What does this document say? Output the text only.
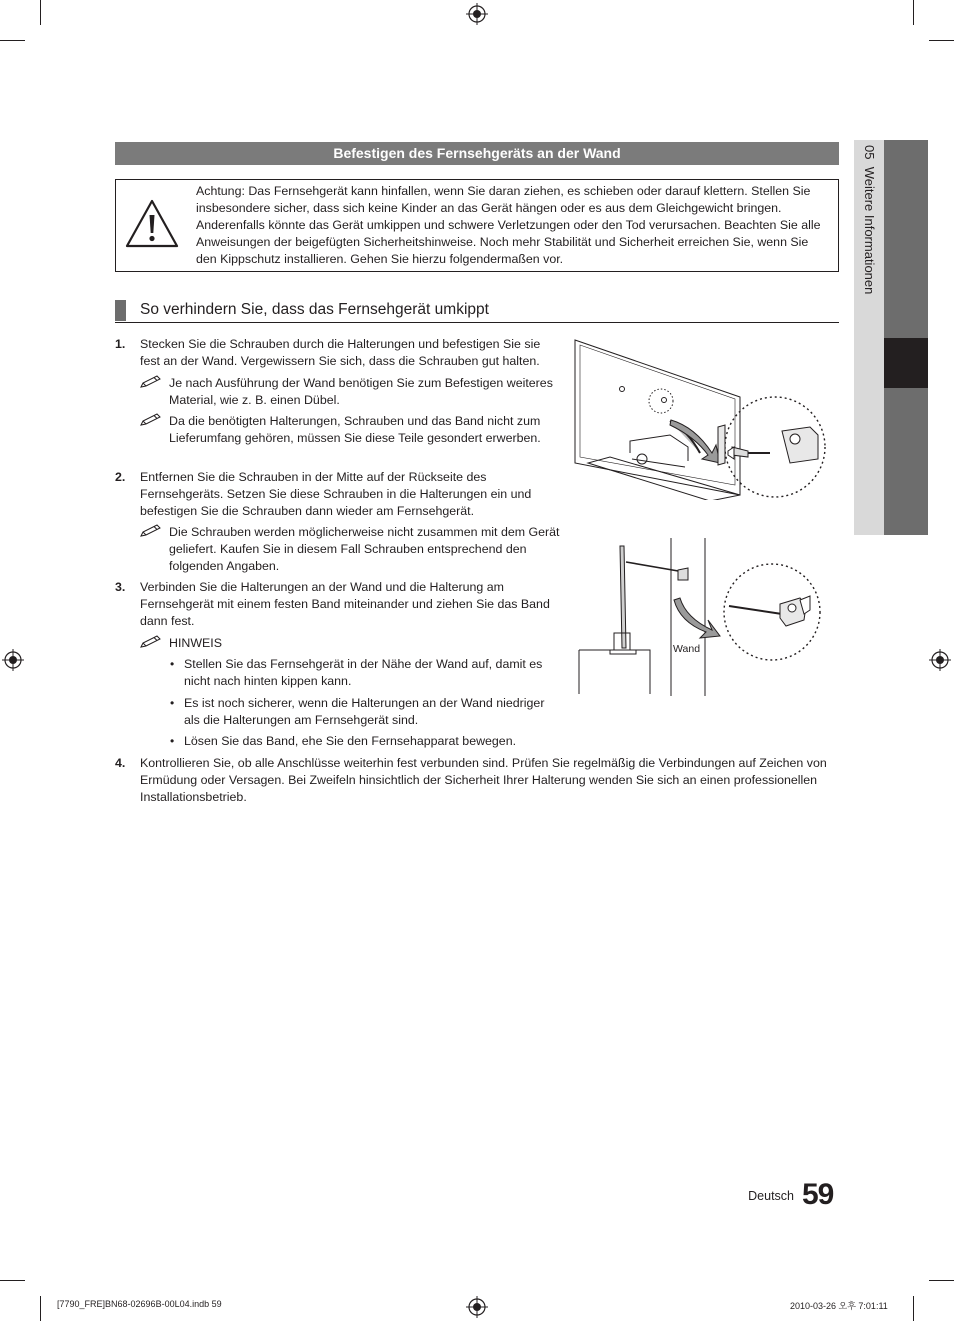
Befestigen des Fernsehgeräts an der Wand
Achtung: Das Fernsehgerät kann hinfallen, wenn Sie daran ziehen, es schieben oder darauf klettern. Stellen Sie insbesondere sicher, dass sich keine Kinder an das Gerät hängen oder es aus dem Gleichgewicht bringen. Anderenfalls könnte das Gerät umkippen und schwere Verletzungen oder den Tod verursachen. Beachten Sie alle Anweisungen der beigefügten Sicherheitshinweise. Noch mehr Stabilität und Sicherheit erreichen Sie, wenn Sie den Kippschutz installieren. Gehen Sie hierzu folgendermaßen vor.
So verhindern Sie, dass das Fernsehgerät umkippt
1. Stecken Sie die Schrauben durch die Halterungen und befestigen Sie sie fest an der Wand. Vergewissern Sie sich, dass die Schrauben gut halten.
Je nach Ausführung der Wand benötigen Sie zum Befestigen weiteres Material, wie z. B. einen Dübel.
Da die benötigten Halterungen, Schrauben und das Band nicht zum Lieferumfang gehören, müssen Sie diese Teile gesondert erwerben.
2. Entfernen Sie die Schrauben in der Mitte auf der Rückseite des Fernsehgeräts. Setzen Sie diese Schrauben in die Halterungen ein und befestigen Sie die Schrauben dann wieder am Fernsehgerät.
Die Schrauben werden möglicherweise nicht zusammen mit dem Gerät geliefert. Kaufen Sie in diesem Fall Schrauben entsprechend den folgenden Angaben.
3. Verbinden Sie die Halterungen an der Wand und die Halterung am Fernsehgerät mit einem festen Band miteinander und ziehen Sie das Band dann fest.
HINWEIS
• Stellen Sie das Fernsehgerät in der Nähe der Wand auf, damit es nicht nach hinten kippen kann.
• Es ist noch sicherer, wenn die Halterungen an der Wand niedriger als die Halterungen am Fernsehgerät sind.
• Lösen Sie das Band, ehe Sie den Fernsehapparat bewegen.
4. Kontrollieren Sie, ob alle Anschlüsse weiterhin fest verbunden sind. Prüfen Sie regelmäßig die Verbindungen auf Zeichen von Ermüdung oder Versagen. Bei Zweifeln hinsichtlich der Sicherheit Ihrer Halterung wenden Sie sich an einen professionellen Installationsbetrieb.
Wand
05  Weitere Informationen
Deutsch 59
[7790_FRE]BN68-02696B-00L04.indb 59	2010-03-26 오후 7:01:11
